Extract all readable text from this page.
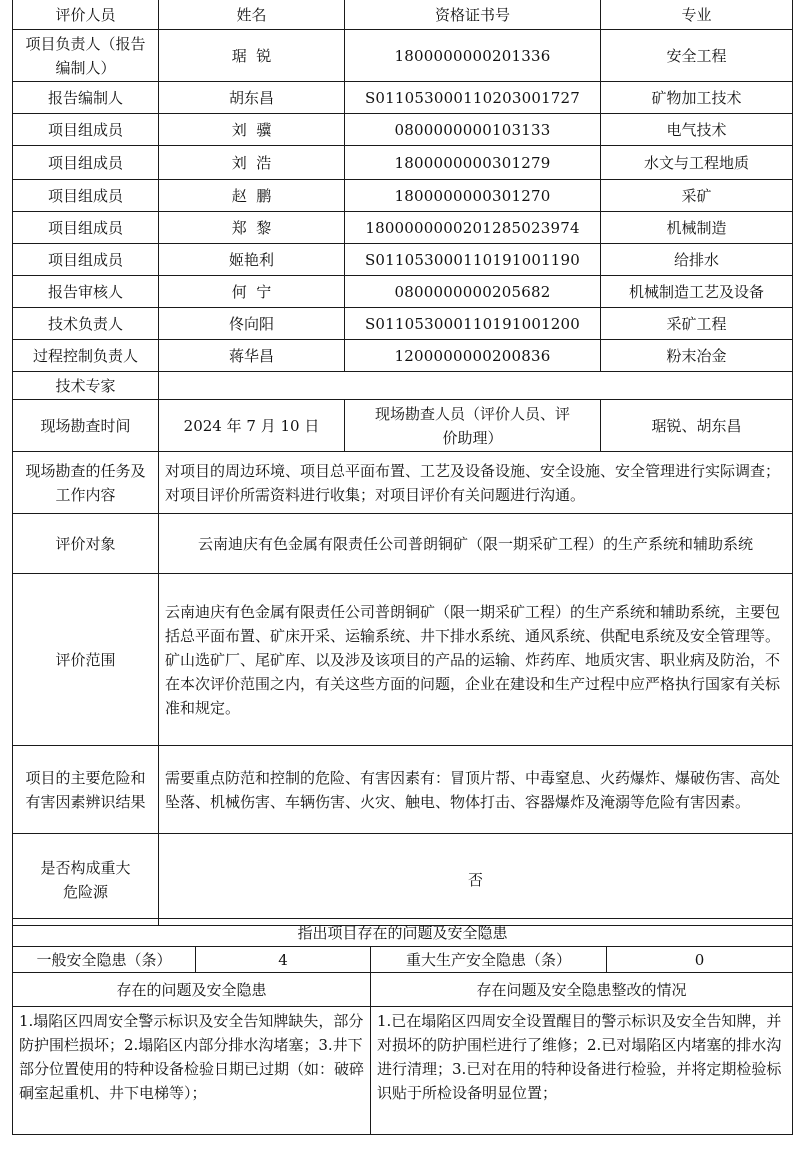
评价人员	姓名	资格证书号	专业
项目负责人（报告编制人）	琚  锐	1800000000201336	安全工程
报告编制人	胡东昌	S011053000110203001727	矿物加工技术
项目组成员	刘  骥	0800000000103133	电气技术
项目组成员	刘  浩	1800000000301279	水文与工程地质
项目组成员	赵  鹏	1800000000301270	采矿
项目组成员	郑  黎	1800000000201285023974	机械制造
项目组成员	姬艳利	S011053000110191001190	给排水
报告审核人	何  宁	0800000000205682	机械制造工艺及设备
技术负责人	佟向阳	S011053000110191001200	采矿工程
过程控制负责人	蒋华昌	1200000000200836	粉末冶金
技术专家			
现场勘查时间	2024 年 7 月 10 日	现场勘查人员（评价人员、评价助理）	琚锐、胡东昌
现场勘查的任务及工作内容	对项目的周边环境、项目总平面布置、工艺及设备设施、安全设施、安全管理进行实际调查；对项目评价所需资料进行收集；对项目评价有关问题进行沟通。		
评价对象	云南迪庆有色金属有限责任公司普朗铜矿（限一期采矿工程）的生产系统和辅助系统		
评价范围	云南迪庆有色金属有限责任公司普朗铜矿（限一期采矿工程）的生产系统和辅助系统，主要包括总平面布置、矿床开采、运输系统、井下排水系统、通风系统、供配电系统及安全管理等。
矿山选矿厂、尾矿库、以及涉及该项目的产品的运输、炸药库、地质灾害、职业病及防治，不在本次评价范围之内，有关这些方面的问题，企业在建设和生产过程中应严格执行国家有关标准和规定。		

项目的主要危险和有害因素辨识结果	需要重点防范和控制的危险、有害因素有：冒顶片帮、中毒窒息、火药爆炸、爆破伤害、高处坠落、机械伤害、车辆伤害、火灾、触电、物体打击、容器爆炸及淹溺等危险有害因素。		
是否构成重大危险源	否		
指出项目存在的问题及安全隐患			
一般安全隐患（条）	4	重大生产安全隐患（条）	0
存在的问题及安全隐患		存在问题及安全隐患整改的情况	
1.塌陷区四周安全警示标识及安全告知牌缺失，部分防护围栏损坏；2.塌陷区内部分排水沟堵塞；3.井下部分位置使用的特种设备检验日期已过期（如：破碎硐室起重机、井下电梯等）；		1.已在塌陷区四周安全设置醒目的警示标识及安全告知牌，并对损坏的防护围栏进行了维修；2.已对塌陷区内堵塞的排水沟进行清理；3.已对在用的特种设备进行检验，并将定期检验标识贴于所检设备明显位置；	
